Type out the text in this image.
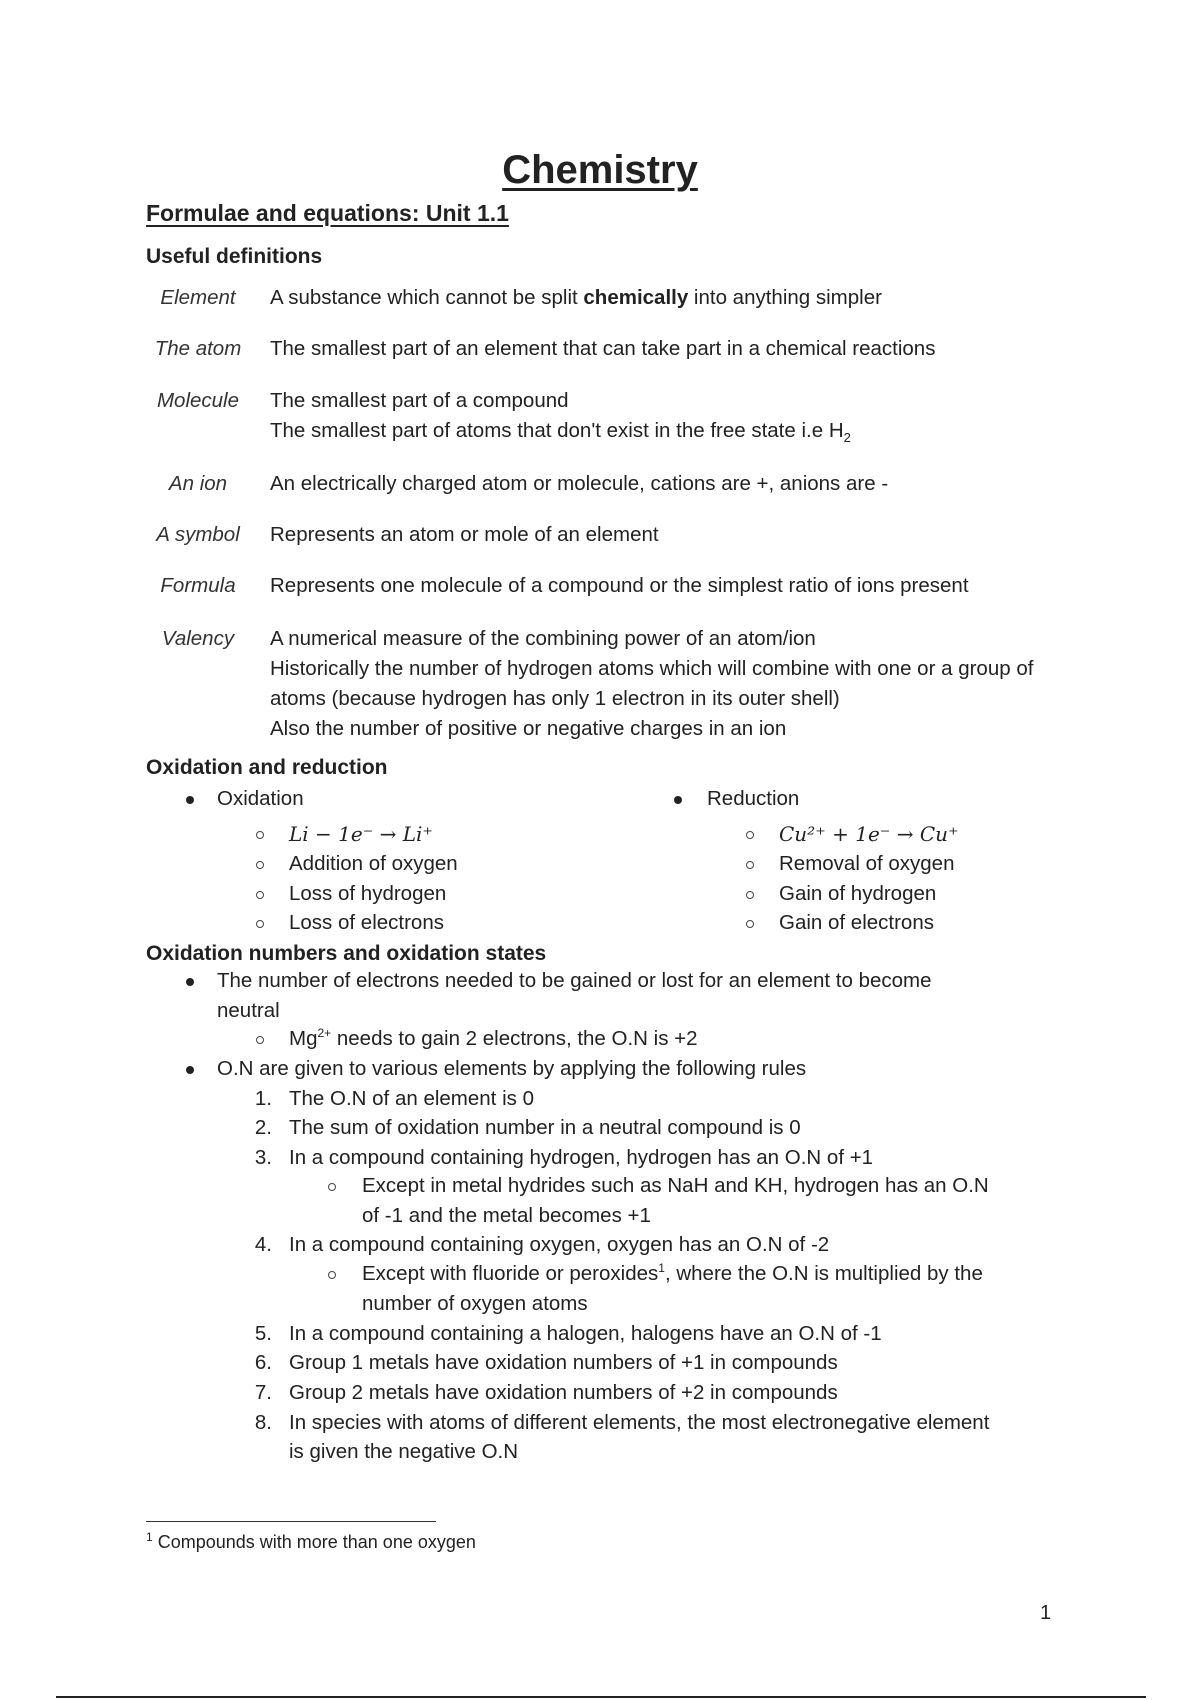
Chemistry
Formulae and equations: Unit 1.1
Useful definitions
Element	A substance which cannot be split chemically into anything simpler
The atom	The smallest part of an element that can take part in a chemical reactions
Molecule	The smallest part of a compound
The smallest part of atoms that don't exist in the free state i.e $H_2$
An ion	An electrically charged atom or molecule, cations are +, anions are -
A symbol	Represents an atom or mole of an element
Formula	Represents one molecule of a compound or the simplest ratio of ions present
Valency	A numerical measure of the combining power of an atom/ion
Historically the number of hydrogen atoms which will combine with one or a group of
atoms (because hydrogen has only 1 electron in its outer shell)
Also the number of positive or negative charges in an ion
Oxidation and reduction
Oxidation
Li − 1e⁻ → Li⁺
Addition of oxygen
Loss of hydrogen
Loss of electrons
Reduction
Cu²⁺ + 1e⁻ → Cu⁺
Removal of oxygen
Gain of hydrogen
Gain of electrons
Oxidation numbers and oxidation states
The number of electrons needed to be gained or lost for an element to become
neutral
$Mg^{2+}$ needs to gain 2 electrons, the O.N is +2
O.N are given to various elements by applying the following rules
1. The O.N of an element is 0
2. The sum of oxidation number in a neutral compound is 0
3. In a compound containing hydrogen, hydrogen has an O.N of +1
Except in metal hydrides such as NaH and KH, hydrogen has an O.N
of -1 and the metal becomes +1
4. In a compound containing oxygen, oxygen has an O.N of -2
Except with fluoride or peroxides$^1$, where the O.N is multiplied by the
number of oxygen atoms
5. In a compound containing a halogen, halogens have an O.N of -1
6. Group 1 metals have oxidation numbers of +1 in compounds
7. Group 2 metals have oxidation numbers of +2 in compounds
8. In species with atoms of different elements, the most electronegative element
is given the negative O.N
$^1$ Compounds with more than one oxygen
1
